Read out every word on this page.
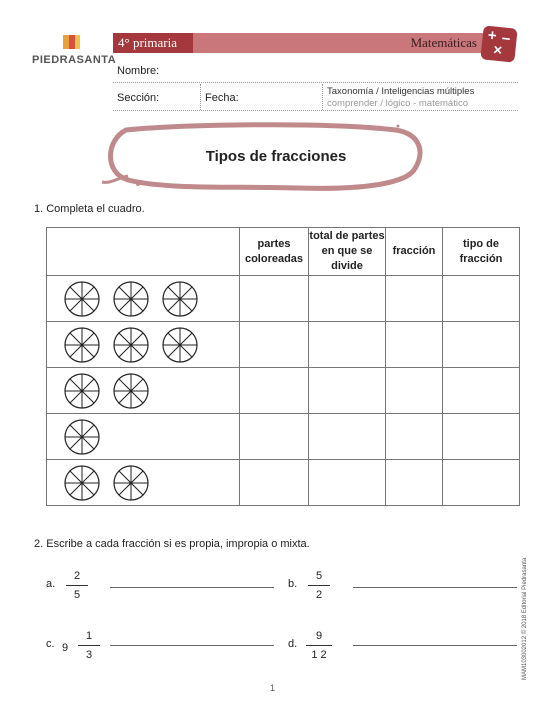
PIEDRASANTA
4° primaria	Matemáticas + −
×
Nombre:
Sección:	Fecha:
Taxonomía / Inteligencias múltiples
comprender / lógico - matemático
Tipos de fracciones
1. Completa el cuadro.
	partes coloreadas	total de partes en que se divide	fracción	tipo de fracción

2. Escribe a cada fracción si es propia, impropia o mixta.
a.
2
5
b.
5
2
c. 9
1
3
d.
9
1 2	MAM103002012 © 2018 Editorial Piedrasanta
1
